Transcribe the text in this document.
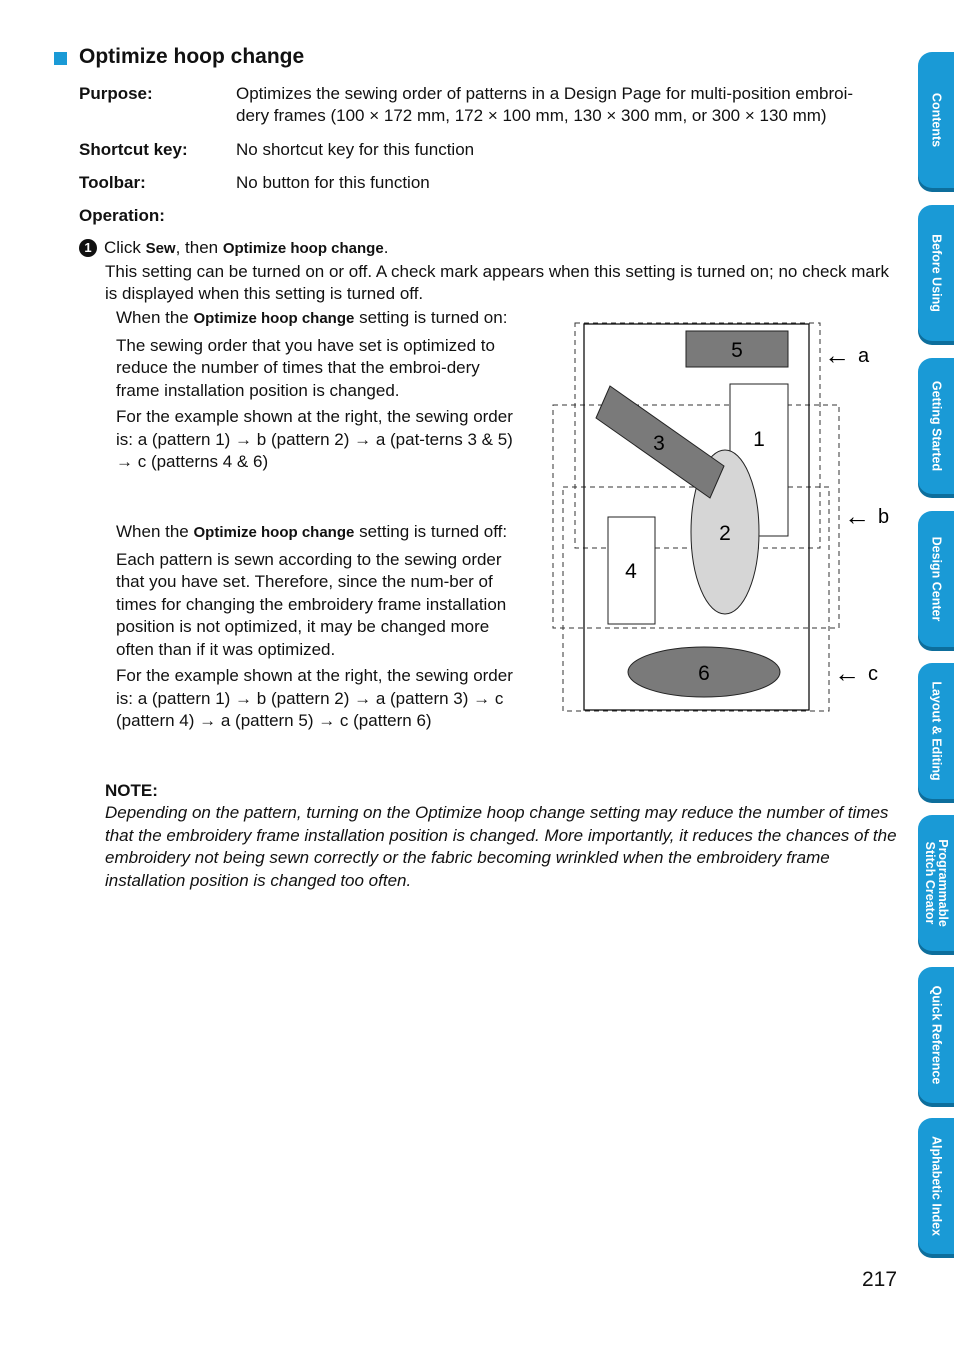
Optimize hoop change
Purpose:	Optimizes the sewing order of patterns in a Design Page for multi-position embroi-
dery frames (100 × 172 mm, 172 × 100 mm, 130 × 300 mm, or 300 × 130 mm)
Shortcut key:	No shortcut key for this function
Toolbar:	No button for this function
Operation:
1 Click Sew, then Optimize hoop change.
This setting can be turned on or off. A check mark appears when this setting is turned on; no check mark is displayed when this setting is turned off.

When the Optimize hoop change setting is turned on:

The sewing order that you have set is optimized to reduce the number of times that the embroi-dery frame installation position is changed.

For the example shown at the right, the sewing order is: a (pattern 1) → b (pattern 2) → a (pat-terns 3 & 5) → c (patterns 4 & 6)

When the Optimize hoop change setting is turned off:

Each pattern is sewn according to the sewing order that you have set. Therefore, since the num-ber of times for changing the embroidery frame installation position is not optimized, it may be changed more often than if it was optimized.

For the example shown at the right, the sewing order is: a (pattern 1) → b (pattern 2) → a (pattern 3) → c (pattern 4) → a (pattern 5) → c (pattern 6)

1
2
3
4
5
6
← a
← b
← c
NOTE:
Depending on the pattern, turning on the Optimize hoop change setting may reduce the number of times that the embroidery frame installation position is changed. More importantly, it reduces the chances of the embroidery not being sewn correctly or the fabric becoming wrinkled when the embroidery frame installation position is changed too often.
217
Contents
Before Using
Getting Started
Design Center
Layout & Editing
Programmable
Stitch Creator
Quick Reference
Alphabetic Index
